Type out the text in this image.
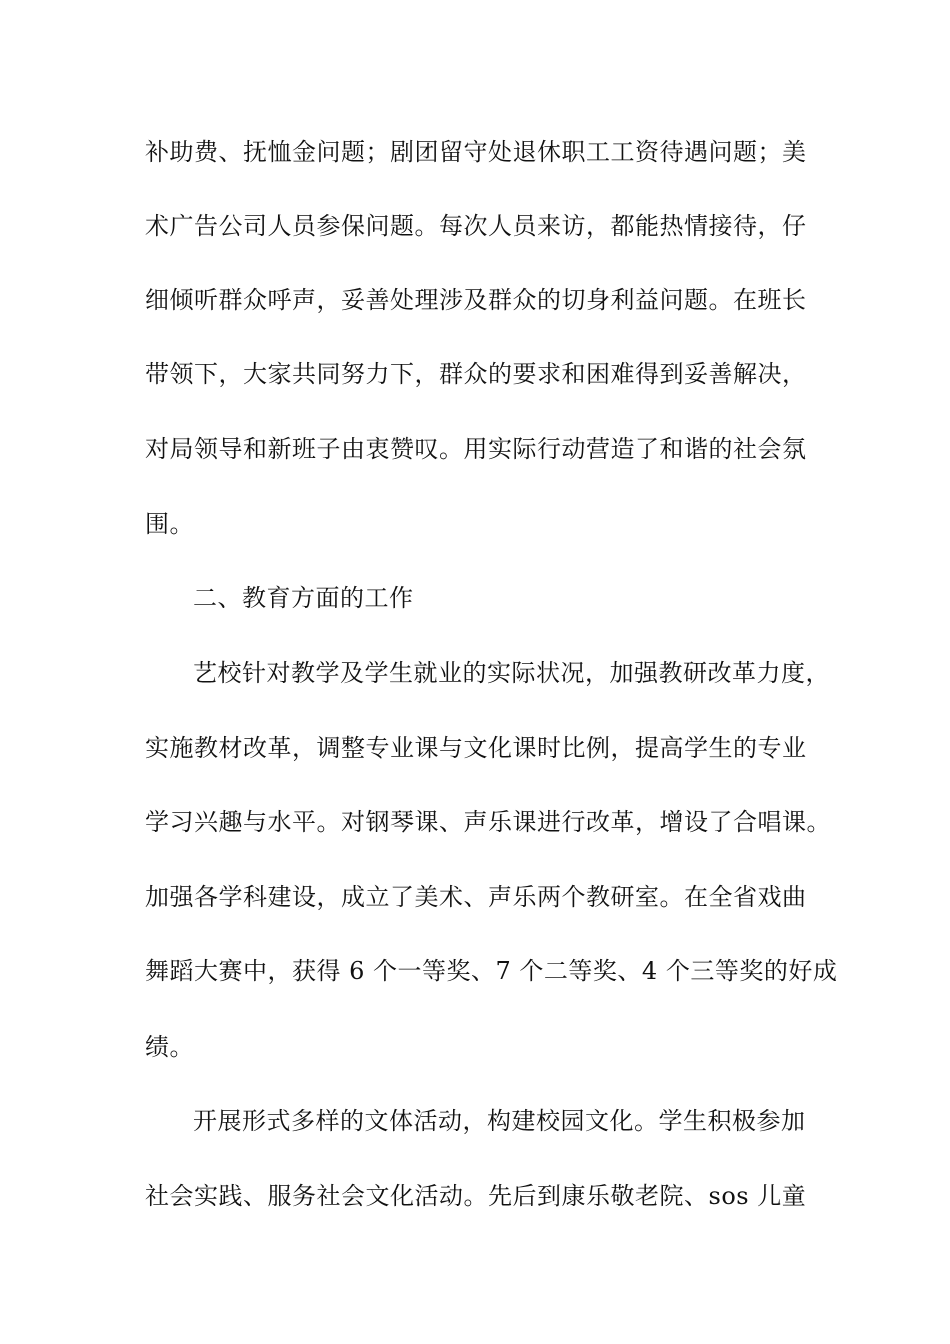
补助费、抚恤金问题；剧团留守处退休职工工资待遇问题；美
术广告公司人员参保问题。每次人员来访，都能热情接待，仔
细倾听群众呼声，妥善处理涉及群众的切身利益问题。在班长
带领下，大家共同努力下，群众的要求和困难得到妥善解决，
对局领导和新班子由衷赞叹。用实际行动营造了和谐的社会氛
围。
二、教育方面的工作
艺校针对教学及学生就业的实际状况，加强教研改革力度，
实施教材改革，调整专业课与文化课时比例，提高学生的专业
学习兴趣与水平。对钢琴课、声乐课进行改革，增设了合唱课。
加强各学科建设，成立了美术、声乐两个教研室。在全省戏曲
舞蹈大赛中，获得 6 个一等奖、7 个二等奖、4 个三等奖的好成
绩。
开展形式多样的文体活动，构建校园文化。学生积极参加
社会实践、服务社会文化活动。先后到康乐敬老院、sos 儿童
